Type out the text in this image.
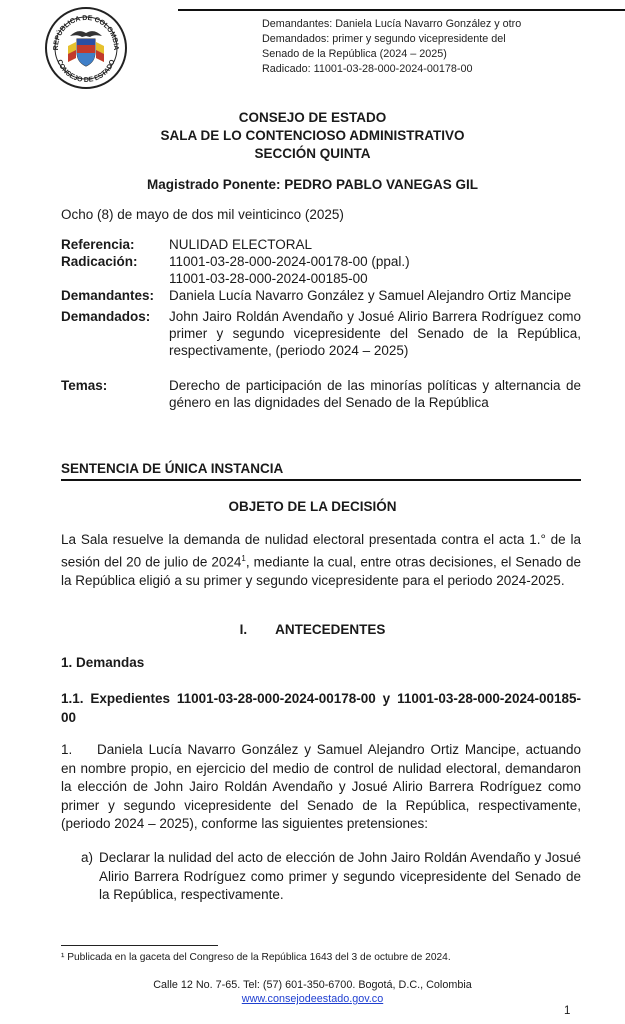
REPÚBLICA DE COLOMBIA
CONSEJO DE ESTADO
Demandantes: Daniela Lucía Navarro González y otro
Demandados: primer y segundo vicepresidente del
Senado de la República (2024 – 2025)
Radicado: 11001-03-28-000-2024-00178-00
CONSEJO DE ESTADO
SALA DE LO CONTENCIOSO ADMINISTRATIVO
SECCIÓN QUINTA
Magistrado Ponente: PEDRO PABLO VANEGAS GIL
Ocho (8) de mayo de dos mil veinticinco (2025)
Referencia:	NULIDAD ELECTORAL
Radicación:	11001-03-28-000-2024-00178-00 (ppal.)
11001-03-28-000-2024-00185-00
Demandantes:	Daniela Lucía Navarro González y Samuel Alejandro Ortiz Mancipe
Demandados:	John Jairo Roldán Avendaño y Josué Alirio Barrera Rodríguez como primer y segundo vicepresidente del Senado de la República, respectivamente, (periodo 2024 – 2025)
Temas:	Derecho de participación de las minorías políticas y alternancia de género en las dignidades del Senado de la República
SENTENCIA DE ÚNICA INSTANCIA
OBJETO DE LA DECISIÓN
La Sala resuelve la demanda de nulidad electoral presentada contra el acta 1.° de la sesión del 20 de julio de 2024$^1$, mediante la cual, entre otras decisiones, el Senado de la República eligió a su primer y segundo vicepresidente para el periodo 2024-2025.
I. ANTECEDENTES
1. Demandas
1.1. Expedientes 11001-03-28-000-2024-00178-00 y 11001-03-28-000-2024-00185-00
1. Daniela Lucía Navarro González y Samuel Alejandro Ortiz Mancipe, actuando en nombre propio, en ejercicio del medio de control de nulidad electoral, demandaron la elección de John Jairo Roldán Avendaño y Josué Alirio Barrera Rodríguez como primer y segundo vicepresidente del Senado de la República, respectivamente, (periodo 2024 – 2025), conforme las siguientes pretensiones:
a) Declarar la nulidad del acto de elección de John Jairo Roldán Avendaño y Josué Alirio Barrera Rodríguez como primer y segundo vicepresidente del Senado de la República, respectivamente.
¹ Publicada en la gaceta del Congreso de la República 1643 del 3 de octubre de 2024.
Calle 12 No. 7-65. Tel: (57) 601-350-6700. Bogotá, D.C., Colombia
www.consejodeestado.gov.co
1
